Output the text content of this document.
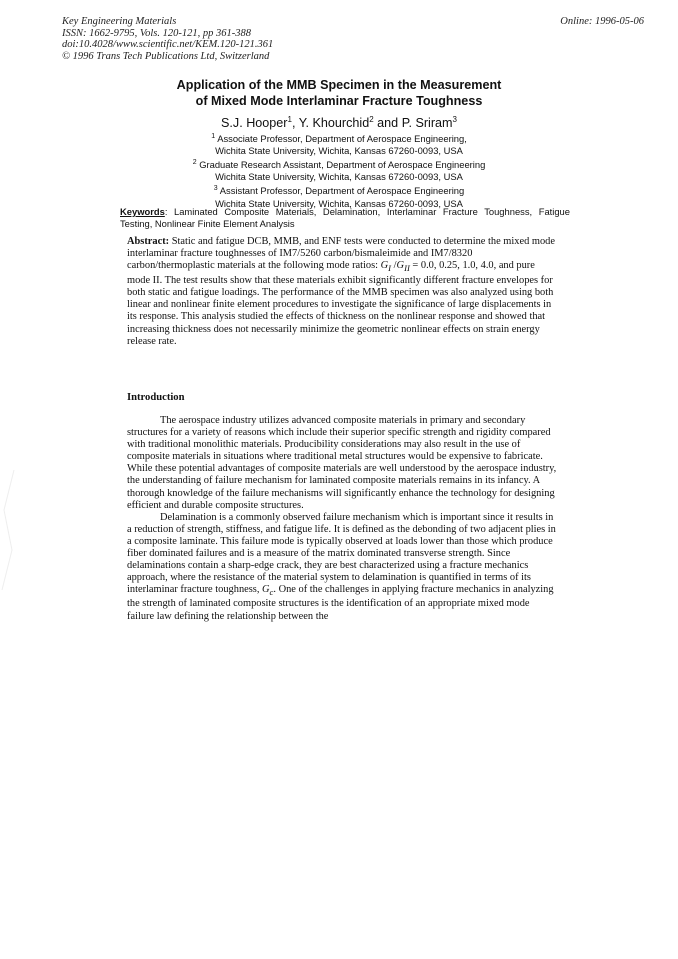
Key Engineering Materials
ISSN: 1662-9795, Vols. 120-121, pp 361-388
doi:10.4028/www.scientific.net/KEM.120-121.361
© 1996 Trans Tech Publications Ltd, Switzerland
Online: 1996-05-06
Application of the MMB Specimen in the Measurement
of Mixed Mode Interlaminar Fracture Toughness
S.J. Hooper$^1$, Y. Khourchid$^2$ and P. Sriram$^3$
$^1$ Associate Professor, Department of Aerospace Engineering,
Wichita State University, Wichita, Kansas 67260-0093, USA
$^2$ Graduate Research Assistant, Department of Aerospace Engineering
Wichita State University, Wichita, Kansas 67260-0093, USA
$^3$ Assistant Professor, Department of Aerospace Engineering
Wichita State University, Wichita, Kansas 67260-0093, USA
Keywords: Laminated Composite Materials, Delamination, Interlaminar Fracture Toughness, Fatigue Testing, Nonlinear Finite Element Analysis
Abstract: Static and fatigue DCB, MMB, and ENF tests were conducted to determine the mixed mode interlaminar fracture toughnesses of IM7/5260 carbon/bismaleimide and IM7/8320 carbon/thermoplastic materials at the following mode ratios: $G_I$ $/G_{II} = 0.0$, 0.25, 1.0, 4.0, and pure mode II. The test results show that these materials exhibit significantly different fracture envelopes for both static and fatigue loadings. The performance of the MMB specimen was also analyzed using both linear and nonlinear finite element procedures to investigate the significance of large displacements in its response. This analysis studied the effects of thickness on the nonlinear response and showed that increasing thickness does not necessarily minimize the geometric nonlinear effects on strain energy release rate.
Introduction

The aerospace industry utilizes advanced composite materials in primary and secondary structures for a variety of reasons which include their superior specific strength and rigidity compared with traditional monolithic materials. Producibility considerations may also result in the use of composite materials in situations where traditional metal structures would be expensive to fabricate. While these potential advantages of composite materials are well understood by the aerospace industry, the understanding of failure mechanism for laminated composite materials remains in its infancy. A thorough knowledge of the failure mechanisms will significantly enhance the technology for designing efficient and durable composite structures.

Delamination is a commonly observed failure mechanism which is important since it results in a reduction of strength, stiffness, and fatigue life. It is defined as the debonding of two adjacent plies in a composite laminate. This failure mode is typically observed at loads lower than those which produce fiber dominated failures and is a measure of the matrix dominated transverse strength. Since delaminations contain a sharp-edge crack, they are best characterized using a fracture mechanics approach, where the resistance of the material system to delamination is quantified in terms of its interlaminar fracture toughness, $G_c$. One of the challenges in applying fracture mechanics in analyzing the strength of laminated composite structures is the identification of an appropriate mixed mode failure law defining the relationship between the
